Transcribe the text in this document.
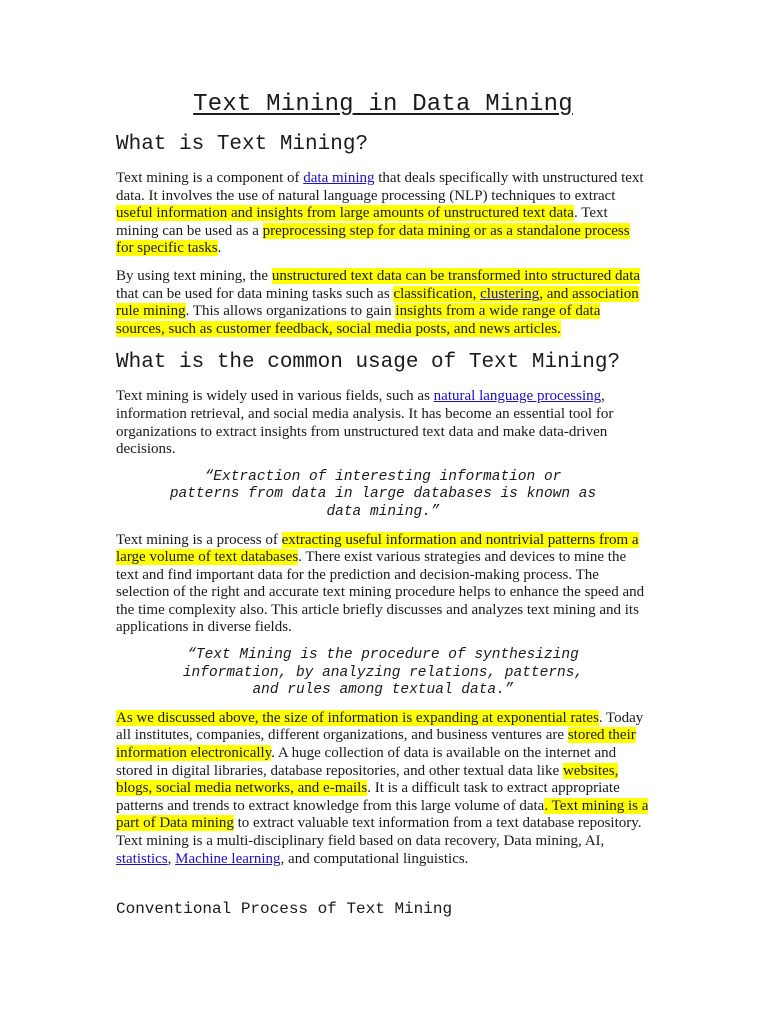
Text Mining in Data Mining
What is Text Mining?

Text mining is a component of data mining that deals specifically with unstructured text data. It involves the use of natural language processing (NLP) techniques to extract useful information and insights from large amounts of unstructured text data. Text mining can be used as a preprocessing step for data mining or as a standalone process for specific tasks.

By using text mining, the unstructured text data can be transformed into structured data that can be used for data mining tasks such as classification, clustering, and association rule mining. This allows organizations to gain insights from a wide range of data sources, such as customer feedback, social media posts, and news articles.

What is the common usage of Text Mining?

Text mining is widely used in various fields, such as natural language processing, information retrieval, and social media analysis. It has become an essential tool for organizations to extract insights from unstructured text data and make data-driven decisions.

“Extraction of interesting information or patterns from data in large databases is known as data mining.”

Text mining is a process of extracting useful information and nontrivial patterns from a large volume of text databases. There exist various strategies and devices to mine the text and find important data for the prediction and decision-making process. The selection of the right and accurate text mining procedure helps to enhance the speed and the time complexity also. This article briefly discusses and analyzes text mining and its applications in diverse fields.

“Text Mining is the procedure of synthesizing information, by analyzing relations, patterns, and rules among textual data.”

As we discussed above, the size of information is expanding at exponential rates. Today all institutes, companies, different organizations, and business ventures are stored their information electronically. A huge collection of data is available on the internet and stored in digital libraries, database repositories, and other textual data like websites, blogs, social media networks, and e-mails. It is a difficult task to extract appropriate patterns and trends to extract knowledge from this large volume of data. Text mining is a part of Data mining to extract valuable text information from a text database repository. Text mining is a multi-disciplinary field based on data recovery, Data mining, AI, statistics, Machine learning, and computational linguistics.

Conventional Process of Text Mining
